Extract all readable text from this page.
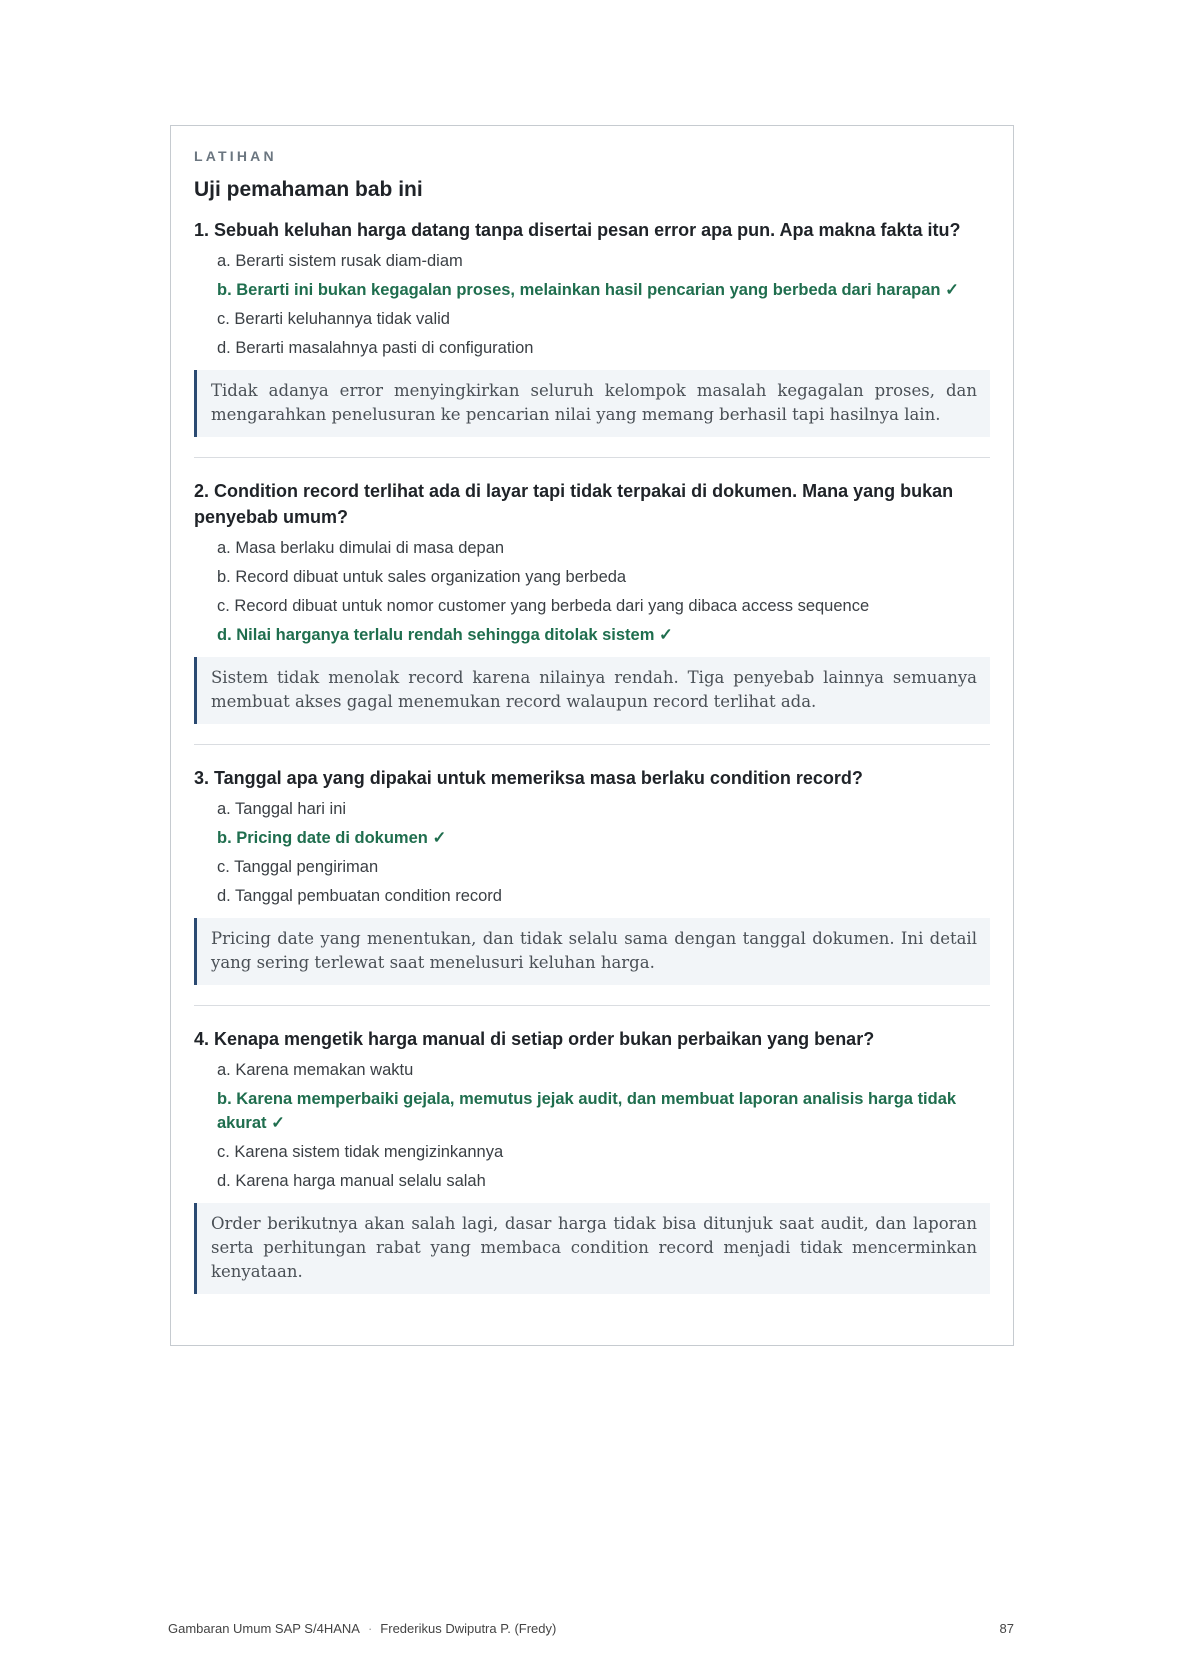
LATIHAN
Uji pemahaman bab ini
1. Sebuah keluhan harga datang tanpa disertai pesan error apa pun. Apa makna fakta itu?
a. Berarti sistem rusak diam-diam
b. Berarti ini bukan kegagalan proses, melainkan hasil pencarian yang berbeda dari harapan ✓
c. Berarti keluhannya tidak valid
d. Berarti masalahnya pasti di configuration
Tidak adanya error menyingkirkan seluruh kelompok masalah kegagalan proses, dan mengarahkan penelusuran ke pencarian nilai yang memang berhasil tapi hasilnya lain.
2. Condition record terlihat ada di layar tapi tidak terpakai di dokumen. Mana yang bukan penyebab umum?
a. Masa berlaku dimulai di masa depan
b. Record dibuat untuk sales organization yang berbeda
c. Record dibuat untuk nomor customer yang berbeda dari yang dibaca access sequence
d. Nilai harganya terlalu rendah sehingga ditolak sistem ✓
Sistem tidak menolak record karena nilainya rendah. Tiga penyebab lainnya semuanya membuat akses gagal menemukan record walaupun record terlihat ada.
3. Tanggal apa yang dipakai untuk memeriksa masa berlaku condition record?
a. Tanggal hari ini
b. Pricing date di dokumen ✓
c. Tanggal pengiriman
d. Tanggal pembuatan condition record
Pricing date yang menentukan, dan tidak selalu sama dengan tanggal dokumen. Ini detail yang sering terlewat saat menelusuri keluhan harga.
4. Kenapa mengetik harga manual di setiap order bukan perbaikan yang benar?
a. Karena memakan waktu
b. Karena memperbaiki gejala, memutus jejak audit, dan membuat laporan analisis harga tidak akurat ✓
c. Karena sistem tidak mengizinkannya
d. Karena harga manual selalu salah
Order berikutnya akan salah lagi, dasar harga tidak bisa ditunjuk saat audit, dan laporan serta perhitungan rabat yang membaca condition record menjadi tidak mencerminkan kenyataan.
Gambaran Umum SAP S/4HANA · Frederikus Dwiputra P. (Fredy)	87
